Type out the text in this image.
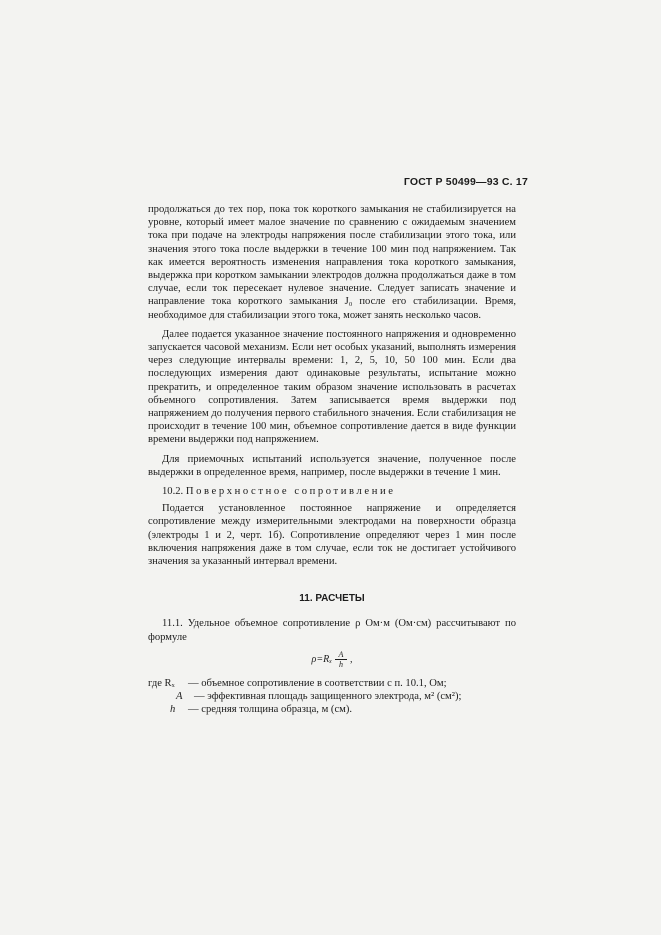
ГОСТ Р 50499—93 С. 17

продолжаться до тех пор, пока ток короткого замыкания не стабилизируется на уровне, который имеет малое значение по сравнению с ожидаемым значением тока при подаче на электроды напряжения после стабилизации этого тока, или значения этого тока после выдержки в течение 100 мин под напряжением. Так как имеется вероятность изменения направления тока короткого замыкания, выдержка при коротком замыкании электродов должна продолжаться даже в том случае, если ток пересекает нулевое значение. Следует записать значение и направление тока короткого замыкания J₀ после его стабилизации. Время, необходимое для стабилизации этого тока, может занять несколько часов.

Далее подается указанное значение постоянного напряжения и одновременно запускается часовой механизм. Если нет особых указаний, выполнять измерения через следующие интервалы времени: 1, 2, 5, 10, 50 100 мин. Если два последующих измерения дают одинаковые результаты, испытание можно прекратить, и определенное таким образом значение использовать в расчетах объемного сопротивления. Затем записывается время выдержки под напряжением до получения первого стабильного значения. Если стабилизация не происходит в течение 100 мин, объемное сопротивление дается в виде функции времени выдержки под напряжением.

Для приемочных испытаний используется значение, полученное после выдержки в определенное время, например, после выдержки в течение 1 мин.

10.2. Поверхностное сопротивление

Подается установленное постоянное напряжение и определяется сопротивление между измерительными электродами на поверхности образца (электроды 1 и 2, черт. 1б). Сопротивление определяют через 1 мин после включения напряжения даже в том случае, если ток не достигает устойчивого значения за указанный интервал времени.

11. РАСЧЕТЫ

11.1. Удельное объемное сопротивление ρ Ом·м (Ом·см) рассчитывают по формуле

$\rho=R_x \frac{A}{h}$ ,
где Rₓ	— объемное сопротивление в соответствии с п. 10.1, Ом;
A	— эффективная площадь защищенного электрода, м² (см²);
h	— средняя толщина образца, м (см).
